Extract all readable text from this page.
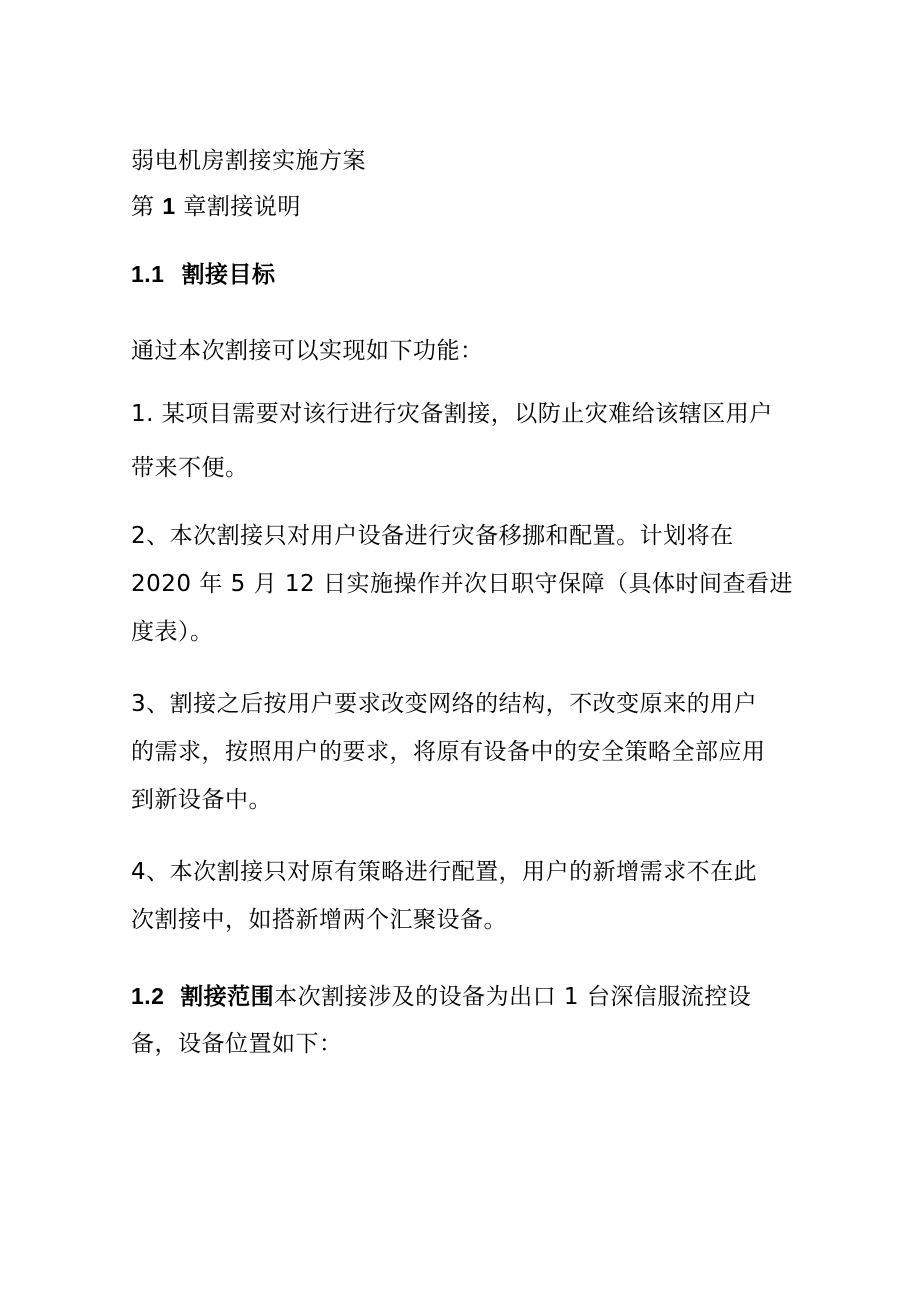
弱电机房割接实施方案
第 1 章割接说明
1.1 割接目标
通过本次割接可以实现如下功能：
1. 某项目需要对该行进行灾备割接，以防止灾难给该辖区用户
带来不便。
2、本次割接只对用户设备进行灾备移挪和配置。计划将在
2020 年 5 月 12 日实施操作并次日职守保障（具体时间查看进
度表）。
3、割接之后按用户要求改变网络的结构，不改变原来的用户
的需求，按照用户的要求，将原有设备中的安全策略全部应用
到新设备中。
4、本次割接只对原有策略进行配置，用户的新增需求不在此
次割接中，如搭新增两个汇聚设备。
1.2 割接范围本次割接涉及的设备为出口 1 台深信服流控设
备，设备位置如下：
